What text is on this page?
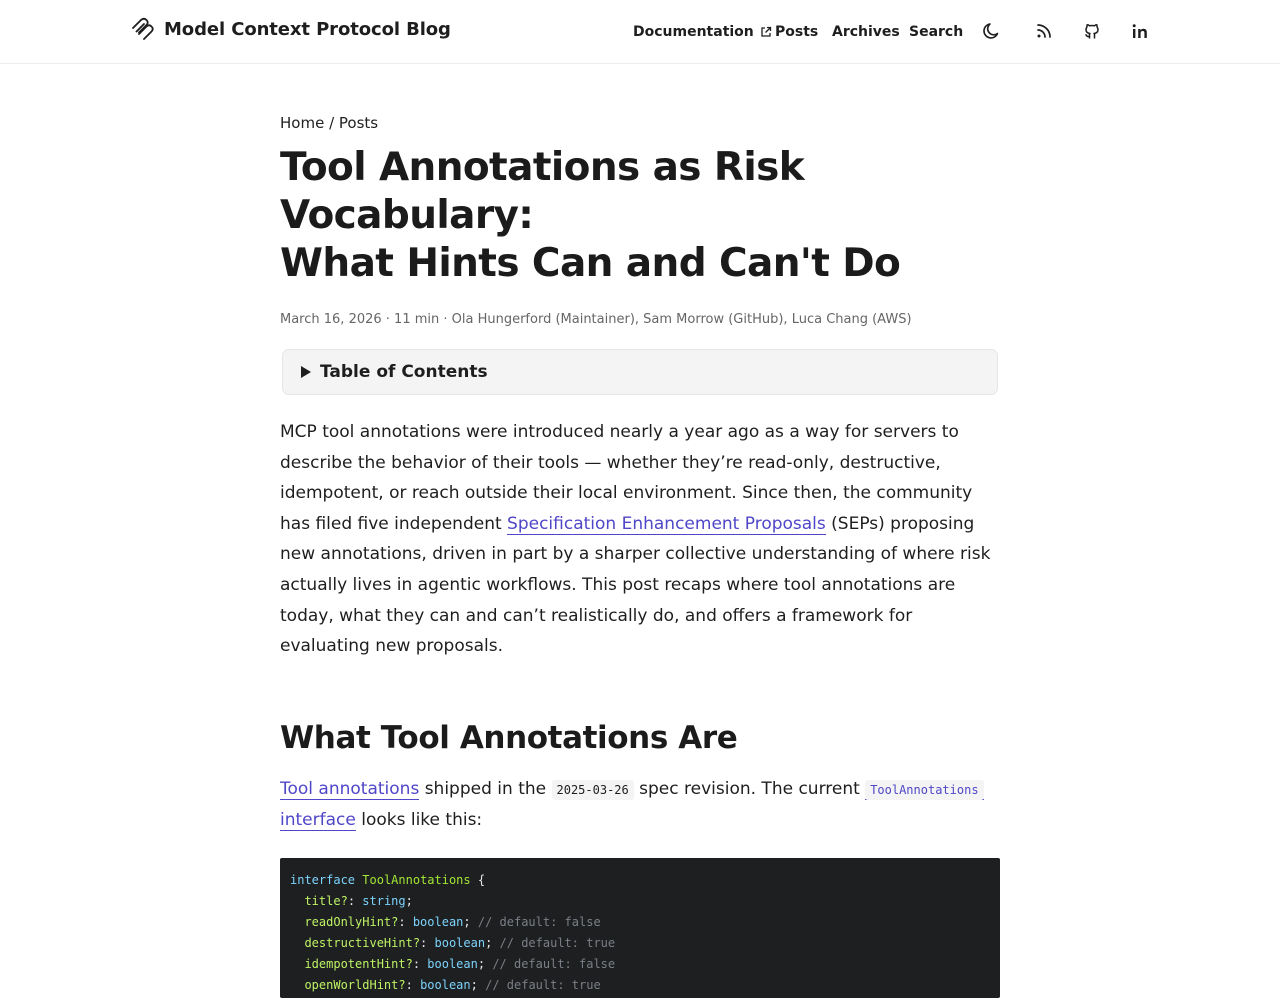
Model Context Protocol Blog	Documentation Posts Archives Search
Home / Posts
Tool Annotations as Risk Vocabulary:
What Hints Can and Can't Do
March 16, 2026 · 11 min · Ola Hungerford (Maintainer), Sam Morrow (GitHub), Luca Chang (AWS)
Table of Contents

MCP tool annotations were introduced nearly a year ago as a way for servers to describe the behavior of their tools — whether they’re read-only, destructive, idempotent, or reach outside their local environment. Since then, the community has filed five independent Specification Enhancement Proposals (SEPs) proposing new annotations, driven in part by a sharper collective understanding of where risk actually lives in agentic workflows. This post recaps where tool annotations are today, what they can and can’t realistically do, and offers a framework for evaluating new proposals.

What Tool Annotations Are

Tool annotations shipped in the 2025-03-26 spec revision. The current ToolAnnotations interface looks like this:

interface ToolAnnotations {
title?: string;
readOnlyHint?: boolean; // default: false
destructiveHint?: boolean; // default: true
idempotentHint?: boolean; // default: false
openWorldHint?: boolean; // default: true
